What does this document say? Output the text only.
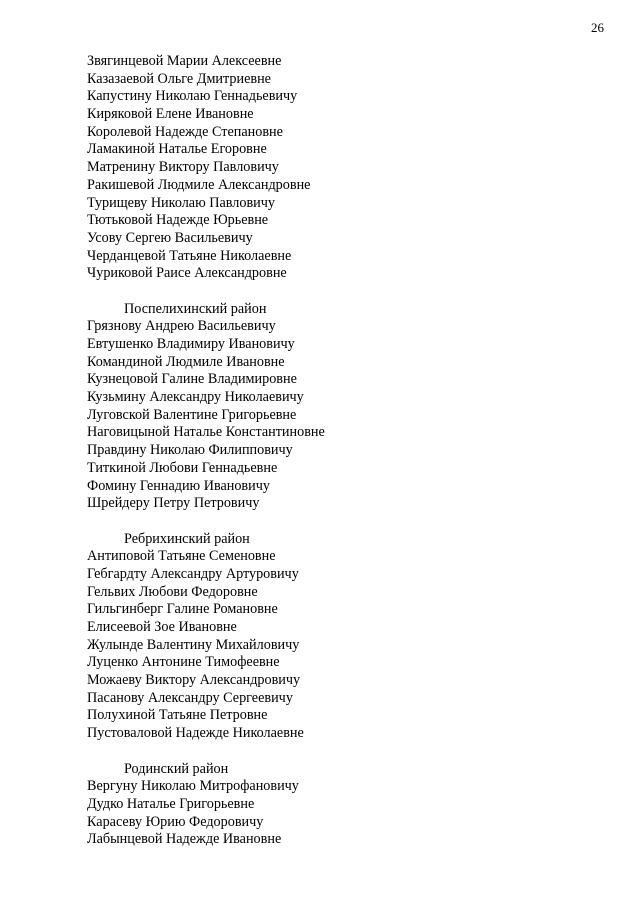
26
Звягинцевой Марии Алексеевне
Казазаевой Ольге Дмитриевне
Капустину Николаю Геннадьевичу
Киряковой Елене Ивановне
Королевой Надежде Степановне
Ламакиной Наталье Егоровне
Матренину Виктору Павловичу
Ракишевой Людмиле Александровне
Турищеву Николаю Павловичу
Тютьковой Надежде Юрьевне
Усову Сергею Васильевичу
Черданцевой Татьяне Николаевне
Чуриковой Раисе Александровне
Поспелихинский район
Грязнову Андрею Васильевичу
Евтушенко Владимиру Ивановичу
Командиной Людмиле Ивановне
Кузнецовой Галине Владимировне
Кузьмину Александру Николаевичу
Луговской Валентине Григорьевне
Наговицыной Наталье Константиновне
Правдину Николаю Филипповичу
Титкиной Любови Геннадьевне
Фомину Геннадию Ивановичу
Шрейдеру Петру Петровичу
Ребрихинский район
Антиповой Татьяне Семеновне
Гебгардту Александру Артуровичу
Гельвих Любови Федоровне
Гильгинберг Галине Романовне
Елисеевой Зое Ивановне
Жулынде Валентину Михайловичу
Луценко Антонине Тимофеевне
Можаеву Виктору Александровичу
Пасанову Александру Сергеевичу
Полухиной Татьяне Петровне
Пустоваловой Надежде Николаевне
Родинский район
Вергуну Николаю Митрофановичу
Дудко Наталье Григорьевне
Карасеву Юрию Федоровичу
Лабынцевой Надежде Ивановне
